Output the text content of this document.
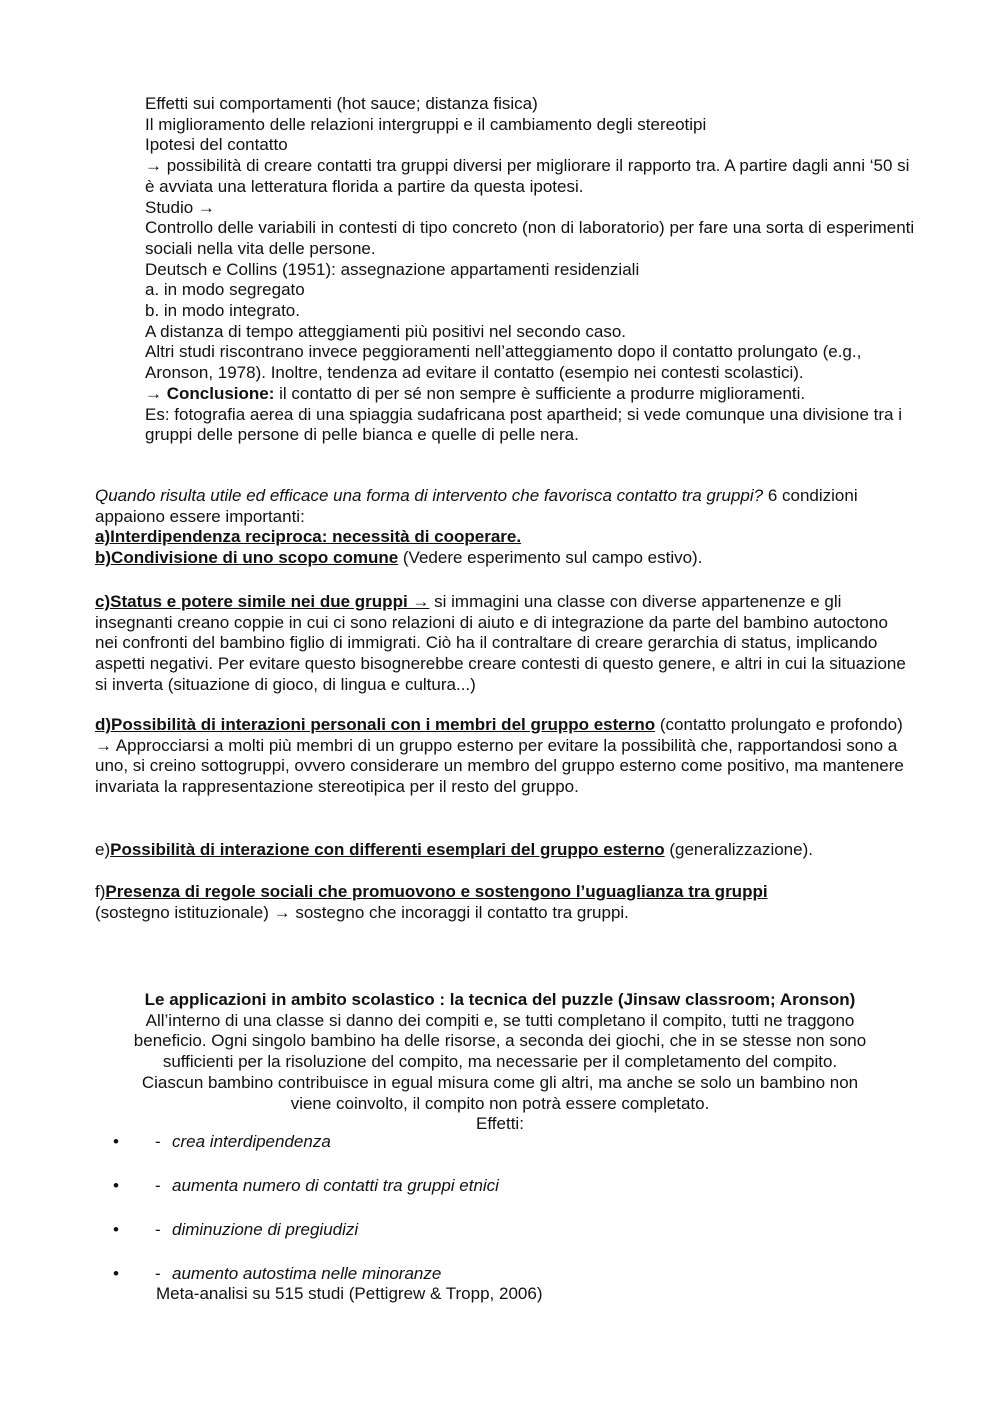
Effetti sui comportamenti (hot sauce; distanza fisica)

Il miglioramento delle relazioni intergruppi e il cambiamento degli stereotipi

Ipotesi del contatto

→ possibilità di creare contatti tra gruppi diversi per migliorare il rapporto tra. A partire dagli anni ‘50 si è avviata una letteratura florida a partire da questa ipotesi.

Studio →

Controllo delle variabili in contesti di tipo concreto (non di laboratorio) per fare una sorta di esperimenti sociali nella vita delle persone.

Deutsch e Collins (1951): assegnazione appartamenti residenziali

a. in modo segregato

b. in modo integrato.

A distanza di tempo atteggiamenti più positivi nel secondo caso.

Altri studi riscontrano invece peggioramenti nell’atteggiamento dopo il contatto prolungato (e.g., Aronson, 1978). Inoltre, tendenza ad evitare il contatto (esempio nei contesti scolastici).

→ Conclusione: il contatto di per sé non sempre è sufficiente a produrre miglioramenti.

Es: fotografia aerea di una spiaggia sudafricana post apartheid; si vede comunque una divisione tra i gruppi delle persone di pelle bianca e quelle di pelle nera.

Quando risulta utile ed efficace una forma di intervento che favorisca contatto tra gruppi? 6 condizioni appaiono essere importanti:

a)Interdipendenza reciproca: necessità di cooperare.

b)Condivisione di uno scopo comune (Vedere esperimento sul campo estivo).

c)Status e potere simile nei due gruppi → si immagini una classe con diverse appartenenze e gli insegnanti creano coppie in cui ci sono relazioni di aiuto e di integrazione da parte del bambino autoctono nei confronti del bambino figlio di immigrati. Ciò ha il contraltare di creare gerarchia di status, implicando aspetti negativi. Per evitare questo bisognerebbe creare contesti di questo genere, e altri in cui la situazione si inverta (situazione di gioco, di lingua e cultura...)

d)Possibilità di interazioni personali con i membri del gruppo esterno (contatto prolungato e profondo) → Approcciarsi a molti più membri di un gruppo esterno per evitare la possibilità che, rapportandosi sono a uno, si creino sottogruppi, ovvero considerare un membro del gruppo esterno come positivo, ma mantenere invariata la rappresentazione stereotipica per il resto del gruppo.

e)Possibilità di interazione con differenti esemplari del gruppo esterno (generalizzazione).

f)Presenza di regole sociali che promuovono e sostengono l’uguaglianza tra gruppi

(sostegno istituzionale) → sostegno che incoraggi il contatto tra gruppi.

Le applicazioni in ambito scolastico : la tecnica del puzzle (Jinsaw classroom; Aronson)

All’interno di una classe si danno dei compiti e, se tutti completano il compito, tutti ne traggono

beneficio. Ogni singolo bambino ha delle risorse, a seconda dei giochi, che in se stesse non sono

sufficienti per la risoluzione del compito, ma necessarie per il completamento del compito.

Ciascun bambino contribuisce in egual misura come gli altri, ma anche se solo un bambino non

viene coinvolto, il compito non potrà essere completato.

Effetti:

• - crea interdipendenza
• - aumenta numero di contatti tra gruppi etnici
• - diminuzione di pregiudizi
• - aumento autostima nelle minoranze
Meta-analisi su 515 studi (Pettigrew & Tropp, 2006)
